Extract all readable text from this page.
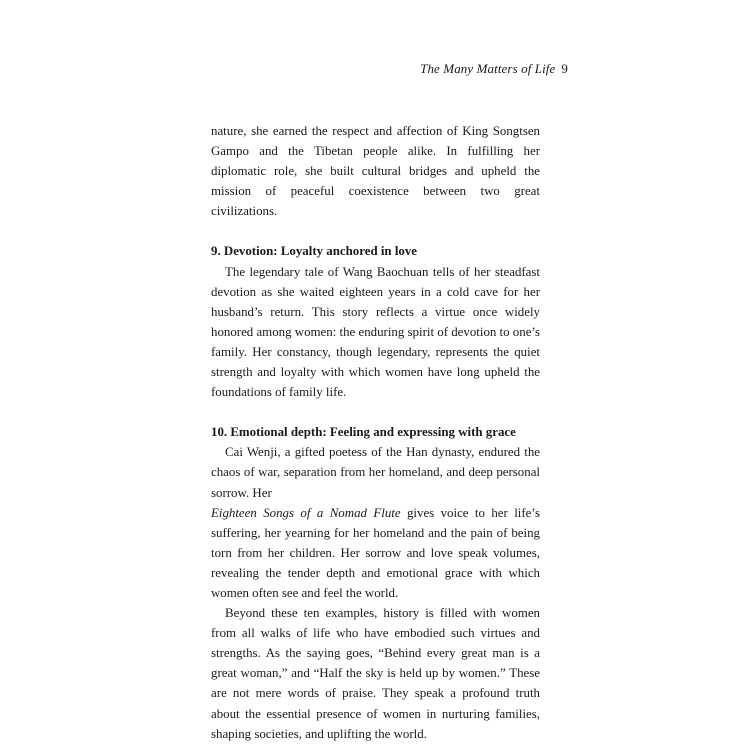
The Many Matters of Life 9

nature, she earned the respect and affection of King Songtsen Gampo and the Tibetan people alike. In fulfilling her diplomatic role, she built cultural bridges and upheld the mission of peaceful coexistence between two great civilizations.

9. Devotion: Loyalty anchored in love

The legendary tale of Wang Baochuan tells of her steadfast devotion as she waited eighteen years in a cold cave for her husband’s return. This story reflects a virtue once widely honored among women: the enduring spirit of devotion to one’s family. Her constancy, though legendary, represents the quiet strength and loyalty with which women have long upheld the foundations of family life.

10. Emotional depth: Feeling and expressing with grace

Cai Wenji, a gifted poetess of the Han dynasty, endured the chaos of war, separation from her homeland, and deep personal sorrow. Her
Eighteen Songs of a Nomad Flute gives voice to her life’s suffering, her yearning for her homeland and the pain of being torn from her children. Her sorrow and love speak volumes, revealing the tender depth and emotional grace with which women often see and feel the world.

Beyond these ten examples, history is filled with women from all walks of life who have embodied such virtues and strengths. As the saying goes, “Behind every great man is a great woman,” and “Half the sky is held up by women.” These are not mere words of praise. They speak a profound truth about the essential presence of women in nurturing families, shaping societies, and uplifting the world.
